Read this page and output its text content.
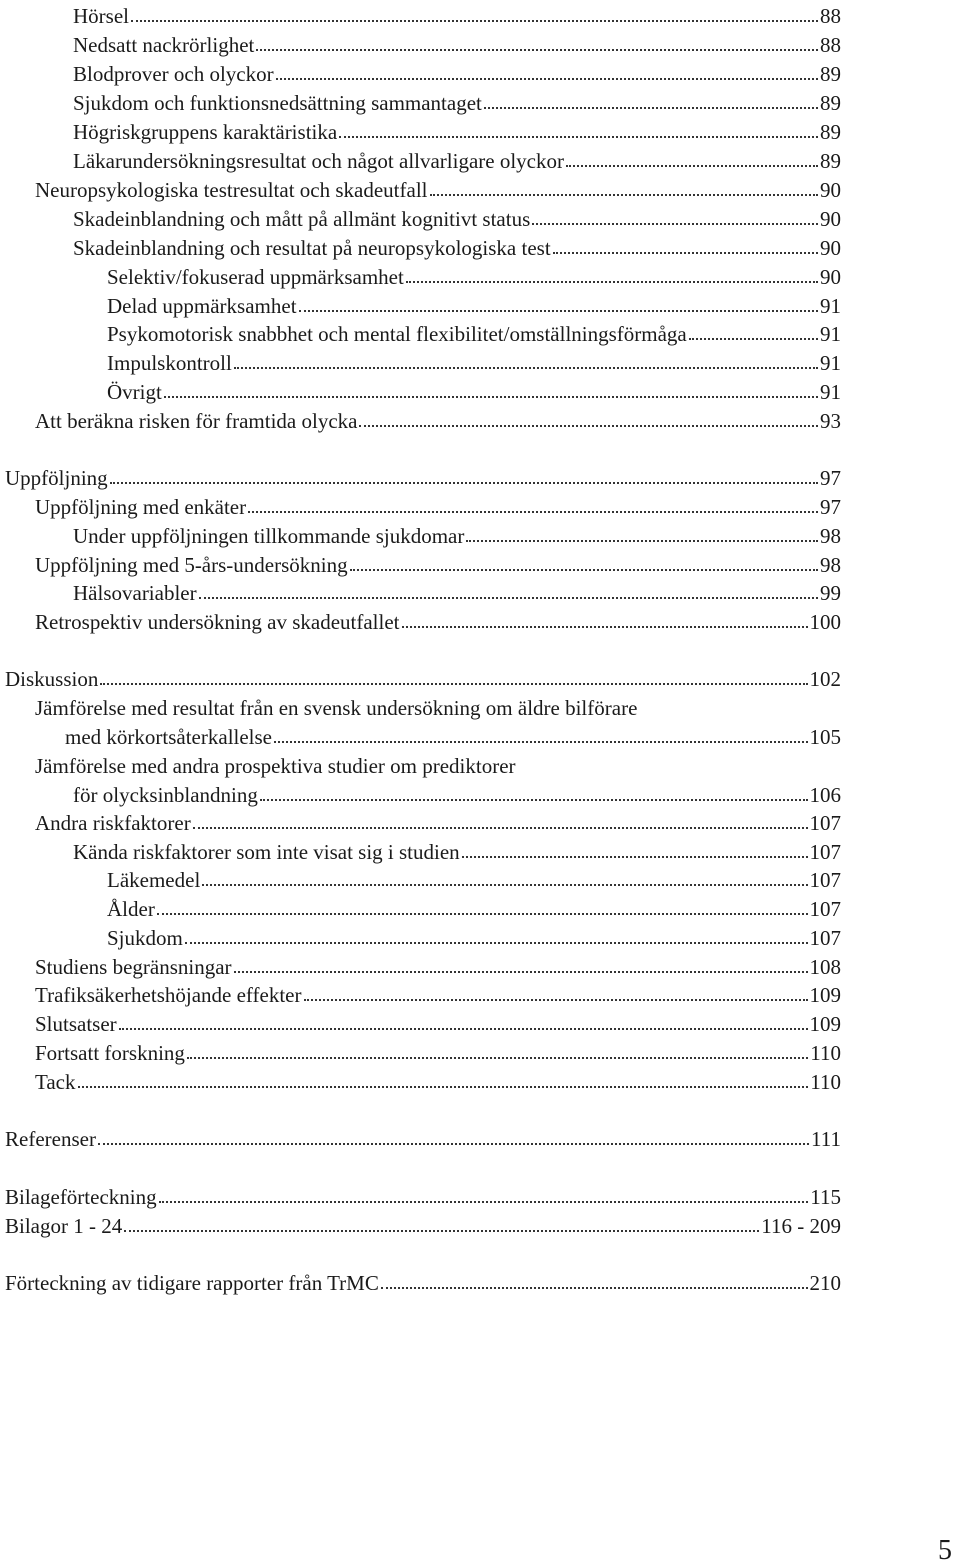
Hörsel	88
Nedsatt nackrörlighet	88
Blodprover och olyckor	89
Sjukdom och funktionsnedsättning sammantaget	89
Högriskgruppens karaktäristika	89
Läkarundersökningsresultat och något allvarligare olyckor	89
Neuropsykologiska testresultat och skadeutfall	90
Skadeinblandning och mått på allmänt kognitivt status	90
Skadeinblandning och resultat på neuropsykologiska test	90
Selektiv/fokuserad uppmärksamhet	90
Delad uppmärksamhet	91
Psykomotorisk snabbhet och mental flexibilitet/omställningsförmåga	91
Impulskontroll	91
Övrigt	91
Att beräkna risken för framtida olycka	93
Uppföljning	97
Uppföljning med enkäter	97
Under uppföljningen tillkommande sjukdomar	98
Uppföljning med 5-års-undersökning	98
Hälsovariabler	99
Retrospektiv undersökning av skadeutfallet	100
Diskussion	102
Jämförelse med resultat från en svensk undersökning om äldre bilförare
med körkortsåterkallelse	105
Jämförelse med andra prospektiva studier om prediktorer
för olycksinblandning	106
Andra riskfaktorer	107
Kända riskfaktorer som inte visat sig i studien	107
Läkemedel	107
Ålder	107
Sjukdom	107
Studiens begränsningar	108
Trafiksäkerhetshöjande effekter	109
Slutsatser	109
Fortsatt forskning	110
Tack	110
Referenser	111
Bilageförteckning	115
Bilagor 1 - 24	116 - 209
Förteckning av tidigare rapporter från TrMC	210
5
